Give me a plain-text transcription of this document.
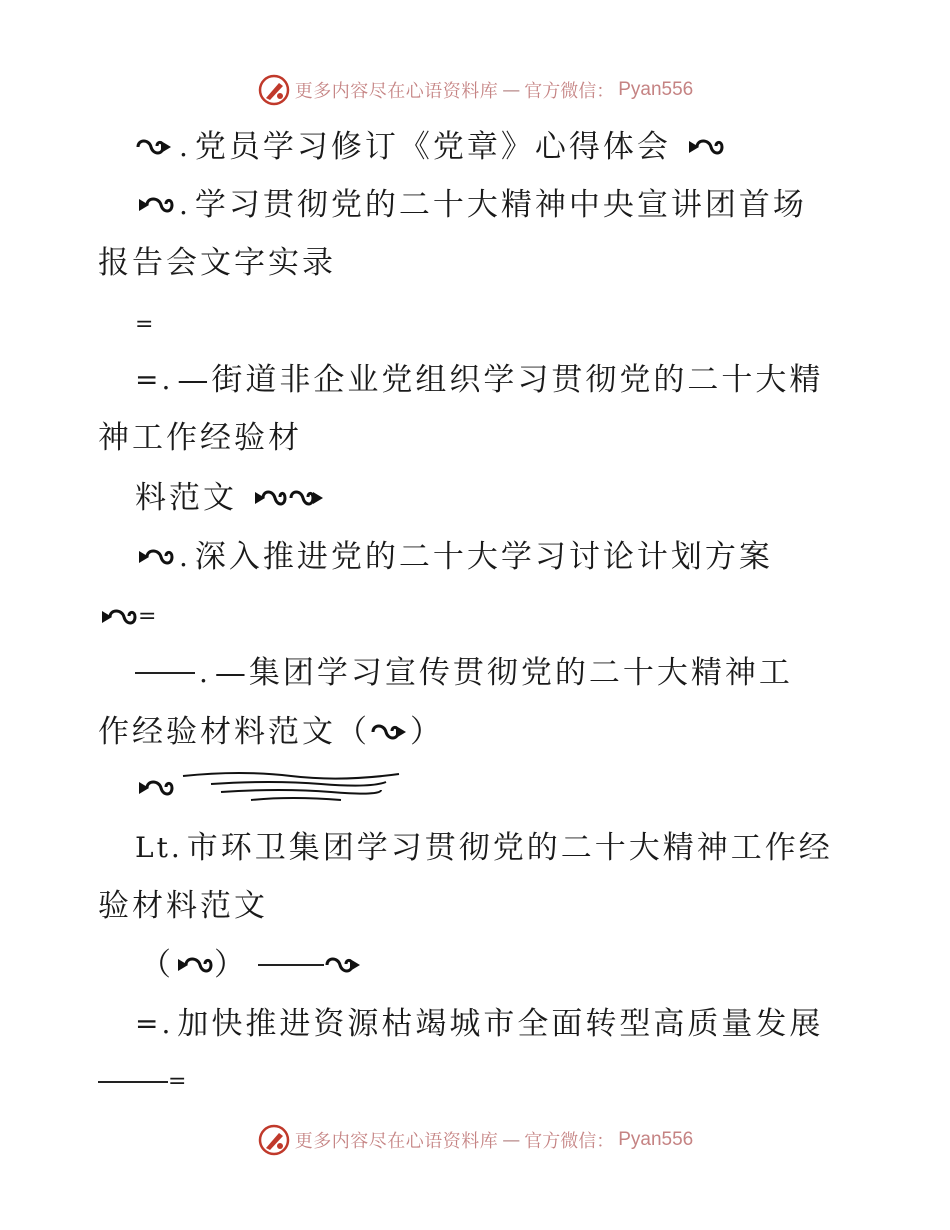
更多内容尽在心语资料库 — 官方微信： Pyan556
. 党员学习修订《党章》心得体会
. 学习贯彻党的二十大精神中央宣讲团首场
报告会文字实录
=
=. —街道非企业党组织学习贯彻党的二十大精
神工作经验材
料范文
. 深入推进党的二十大学习讨论计划方案
=
. —集团学习宣传贯彻党的二十大精神工
作经验材料范文（ ）
Lt. 市环卫集团学习贯彻党的二十大精神工作经
验材料范文
（ ）
=. 加快推进资源枯竭城市全面转型高质量发展
=
更多内容尽在心语资料库 — 官方微信： Pyan556
